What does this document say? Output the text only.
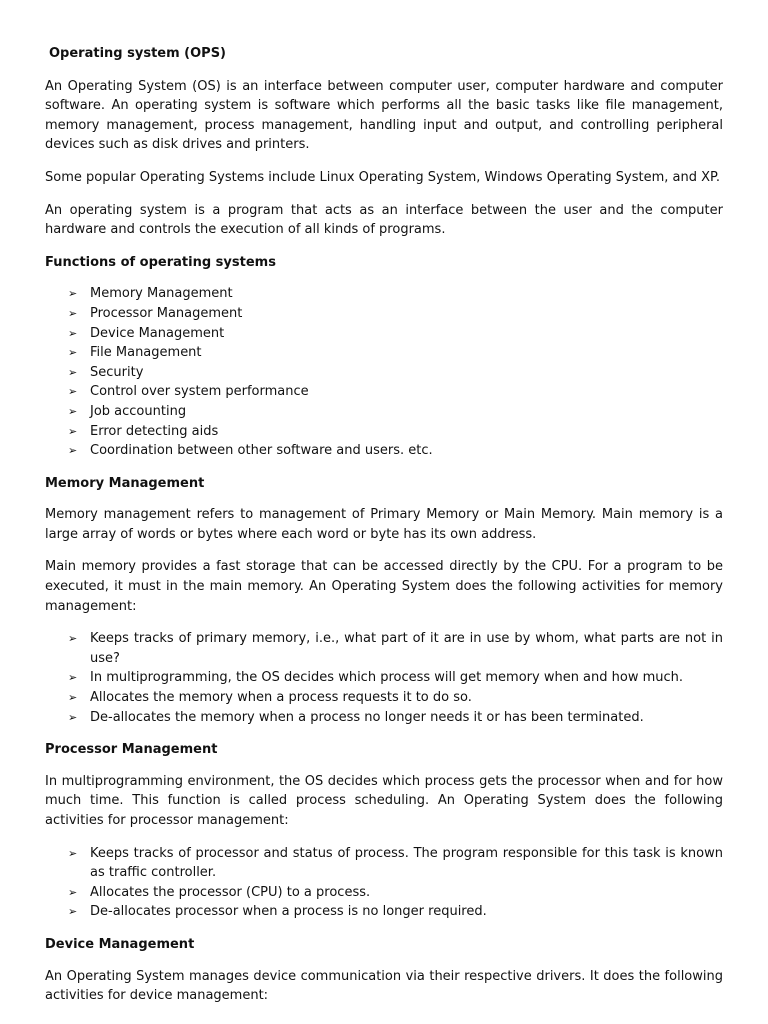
Operating system (OPS)

An Operating System (OS) is an interface between computer user, computer hardware and computer software. An operating system is software which performs all the basic tasks like file management, memory management, process management, handling input and output, and controlling peripheral devices such as disk drives and printers.

Some popular Operating Systems include Linux Operating System, Windows Operating System, and XP.

An operating system is a program that acts as an interface between the user and the computer hardware and controls the execution of all kinds of programs.

Functions of operating systems
➢ Memory Management
➢ Processor Management
➢ Device Management
➢ File Management
➢ Security
➢ Control over system performance
➢ Job accounting
➢ Error detecting aids
➢ Coordination between other software and users. etc.
Memory Management

Memory management refers to management of Primary Memory or Main Memory. Main memory is a large array of words or bytes where each word or byte has its own address.

Main memory provides a fast storage that can be accessed directly by the CPU. For a program to be executed, it must in the main memory. An Operating System does the following activities for memory management:

➢ Keeps tracks of primary memory, i.e., what part of it are in use by whom, what parts are not in use?
➢ In multiprogramming, the OS decides which process will get memory when and how much.
➢ Allocates the memory when a process requests it to do so.
➢ De-allocates the memory when a process no longer needs it or has been terminated.
Processor Management

In multiprogramming environment, the OS decides which process gets the processor when and for how much time. This function is called process scheduling. An Operating System does the following activities for processor management:

➢ Keeps tracks of processor and status of process. The program responsible for this task is known as traffic controller.
➢ Allocates the processor (CPU) to a process.
➢ De-allocates processor when a process is no longer required.
Device Management

An Operating System manages device communication via their respective drivers. It does the following activities for device management:
